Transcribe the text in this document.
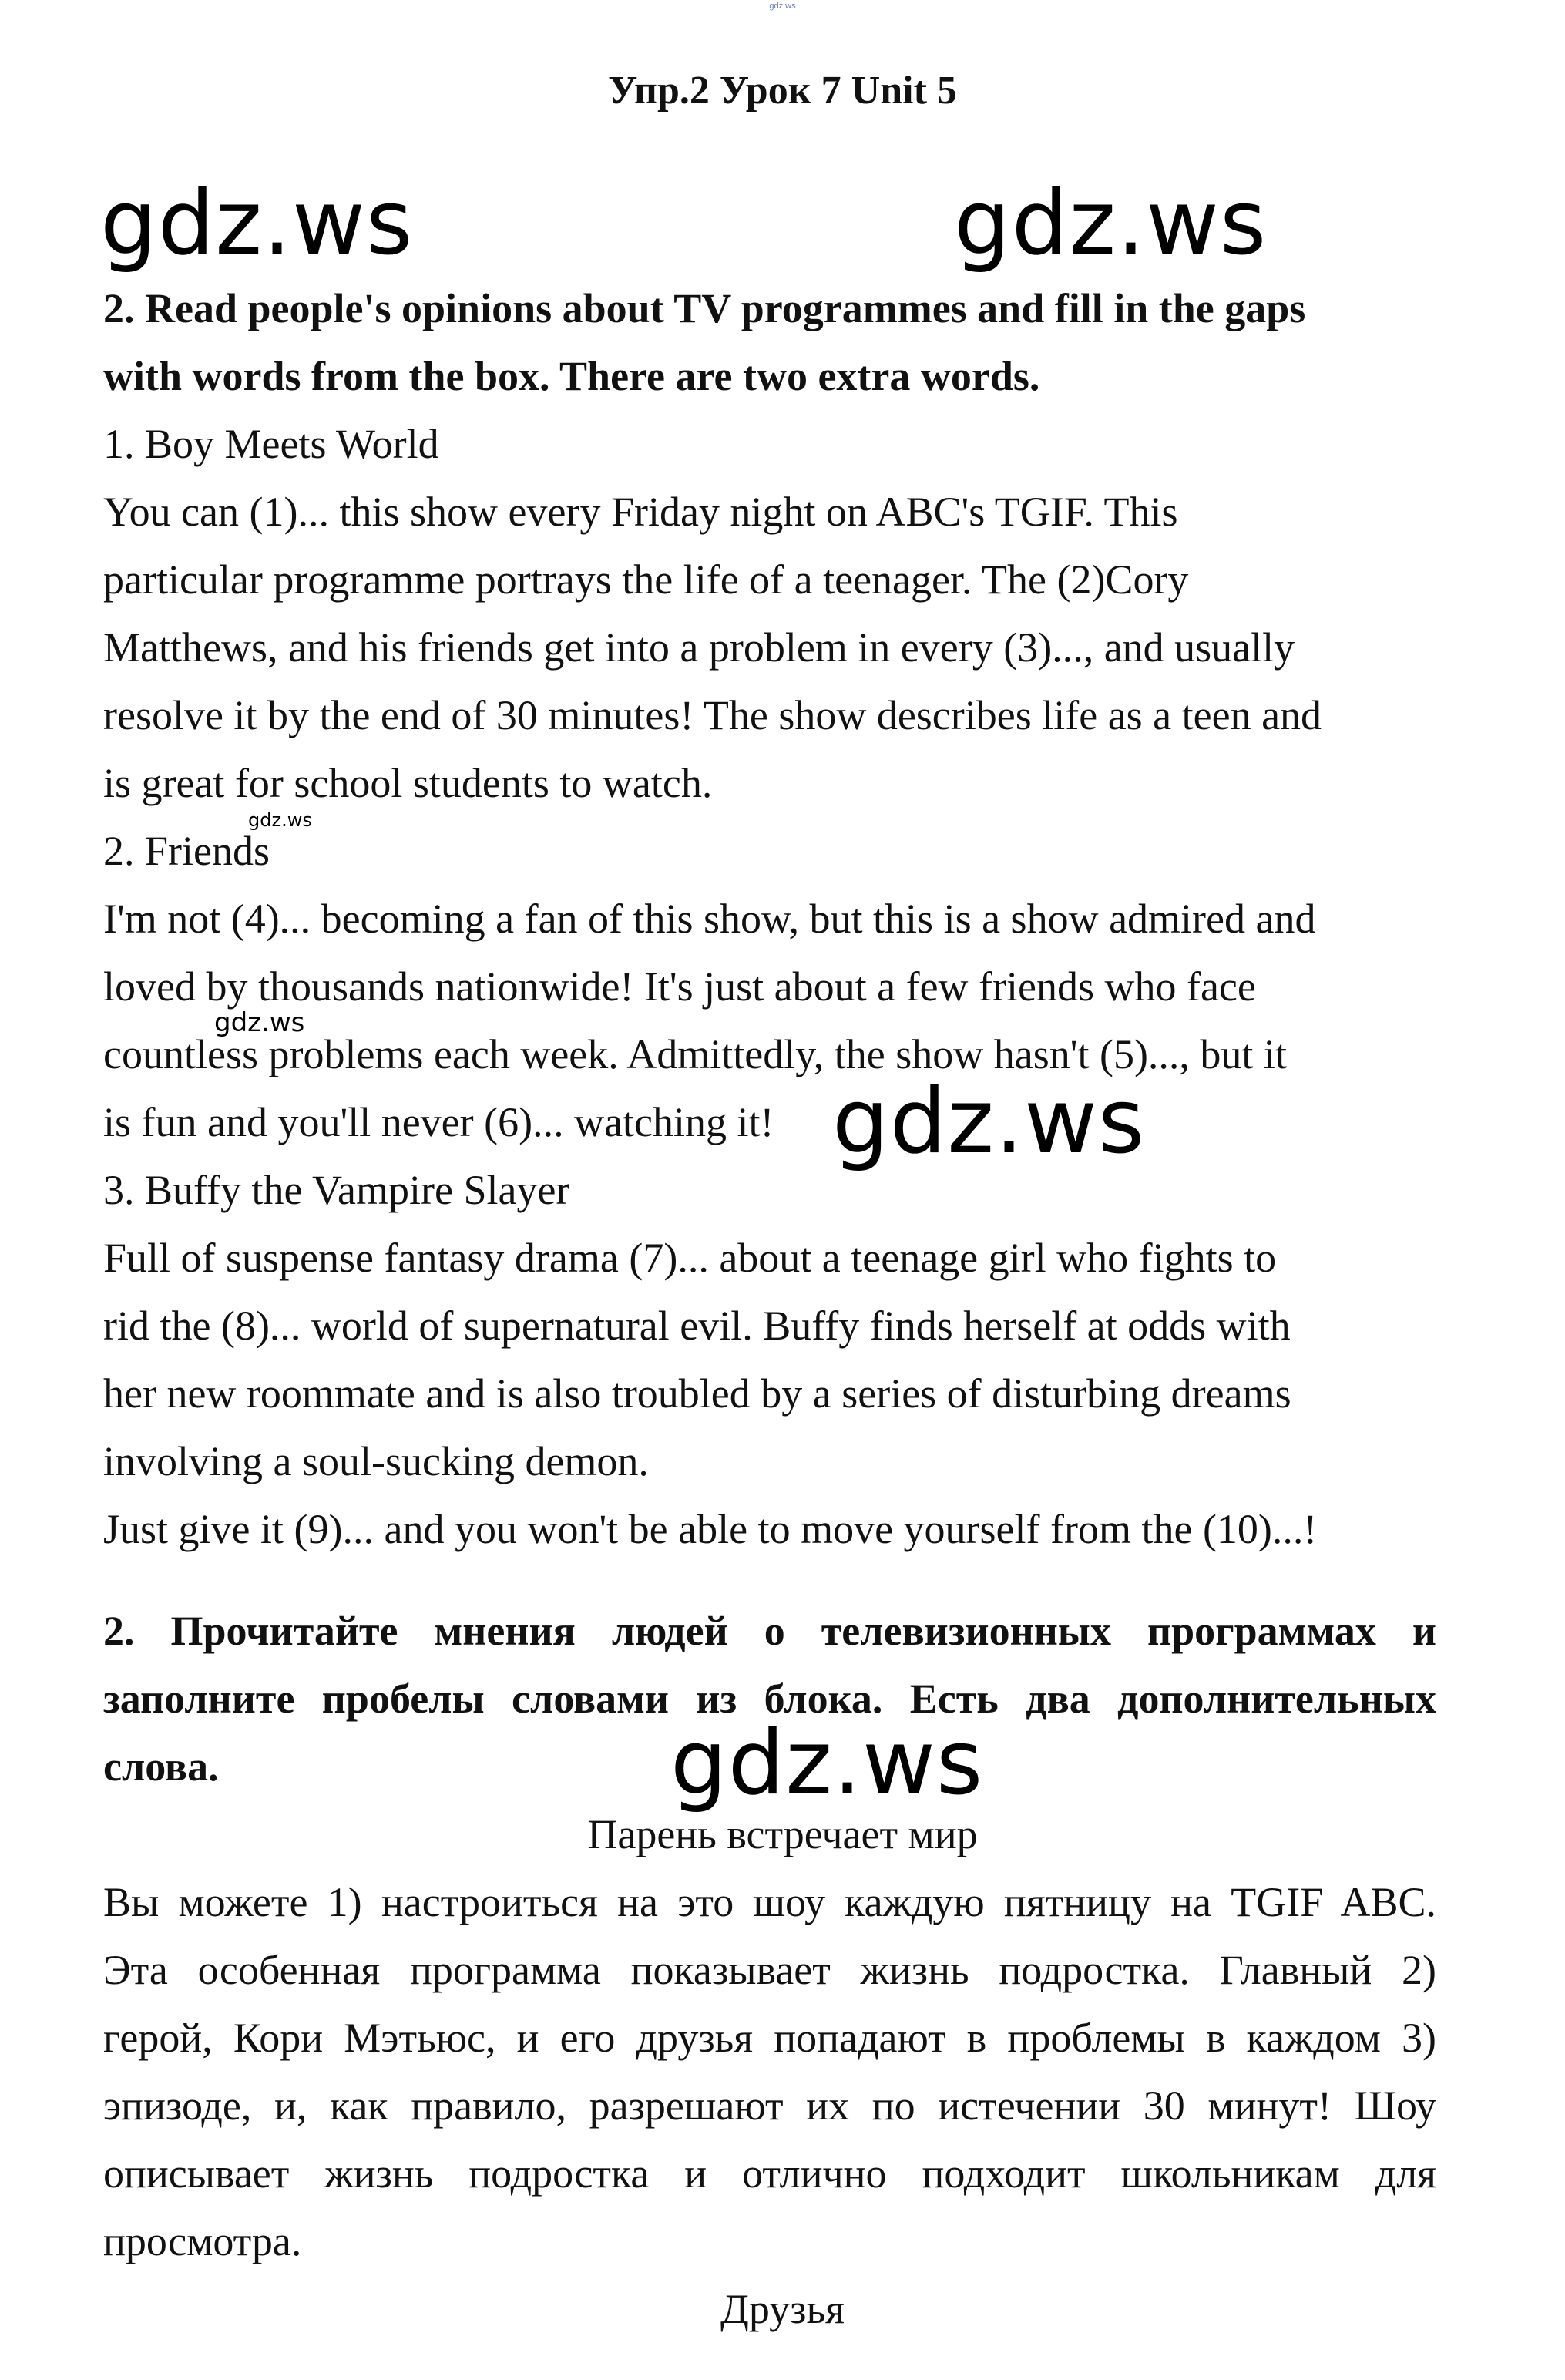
gdz.ws
Упр.2 Урок 7 Unit 5
gdz.ws	gdz.ws
2. Read people's opinions about TV programmes and fill in the gaps
with words from the box. There are two extra words.
1. Boy Meets World
You can (1)... this show every Friday night on ABC's TGIF. This
particular programme portrays the life of a teenager. The (2)Cory
Matthews, and his friends get into a problem in every (3)..., and usually
resolve it by the end of 30 minutes! The show describes life as a teen and
is great for school students to watch.
gdz.ws
2. Friends
I'm not (4)... becoming a fan of this show, but this is a show admired and
loved by thousands nationwide! It's just about a few friends who face
gdz.ws
countless problems each week. Admittedly, the show hasn't (5)..., but it
is fun and you'll never (6)... watching it! gdz.ws
3. Buffy the Vampire Slayer
Full of suspense fantasy drama (7)... about a teenage girl who fights to
rid the (8)... world of supernatural evil. Buffy finds herself at odds with
her new roommate and is also troubled by a series of disturbing dreams
involving a soul-sucking demon.
Just give it (9)... and you won't be able to move yourself from the (10)...!
2. Прочитайте мнения людей о телевизионных программах и
заполните пробелы словами из блока. Есть два дополнительных
слова.	gdz.ws
Парень встречает мир
Вы можете 1) настроиться на это шоу каждую пятницу на TGIF ABC.
Эта особенная программа показывает жизнь подростка. Главный 2)
герой, Кори Мэтьюс, и его друзья попадают в проблемы в каждом 3)
эпизоде, и, как правило, разрешают их по истечении 30 минут! Шоу
описывает жизнь подростка и отлично подходит школьникам для
просмотра.
Друзья
